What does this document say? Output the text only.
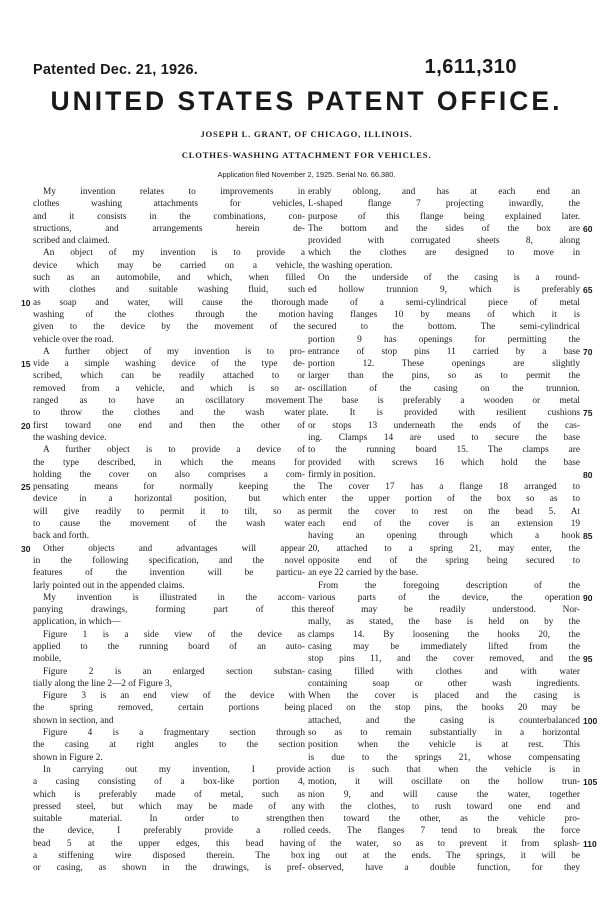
Patented Dec. 21, 1926.	1,611,310
UNITED STATES PATENT OFFICE.
JOSEPH L. GRANT, OF CHICAGO, ILLINOIS.
CLOTHES-WASHING ATTACHMENT FOR VEHICLES.
Application filed November 2, 1925. Serial No. 66,380.
My invention relates to improvements in
clothes washing attachments for vehicles,
and it consists in the combinations, con-
structions, and arrangements herein de-
scribed and claimed.
An object of my invention is to provide a
device which may be carried on a vehicle,
such as an automobile, and which, when filled
with clothes and suitable washing fluid, such
as soap and water, will cause the thorough
washing of the clothes through the motion
given to the device by the movement of the
vehicle over the road.
A further object of my invention is to pro-
vide a simple washing device of the type de-
scribed, which can be readily attached to or
removed from a vehicle, and which is so ar-
ranged as to have an oscillatory movement
to throw the clothes and the wash water
first toward one end and then the other of
the washing device.
A further object is to provide a device of
the type described, in which the means for
holding the cover on also comprises a com-
pensating means for normally keeping the
device in a horizontal position, but which
will give readily to permit it to tilt, so as
to cause the movement of the wash water
back and forth.
Other objects and advantages will appear
in the following specification, and the novel
features of the invention will be particu-
larly pointed out in the appended claims.
My invention is illustrated in the accom-
panying drawings, forming part of this
application, in which—
Figure 1 is a side view of the device as
applied to the running board of an auto-
mobile,
Figure 2 is an enlarged section substan-
tially along the line 2—2 of Figure 3,
Figure 3 is an end view of the device with
the spring removed, certain portions being
shown in section, and
Figure 4 is a fragmentary section through
the casing at right angles to the section
shown in Figure 2.
In carrying out my invention, I provide
a casing consisting of a box-like portion 4,
which is preferably made of metal, such as
pressed steel, but which may be made of any
suitable material. In order to strengthen
the device, I preferably provide a rolled
bead 5 at the upper edges, this bead having
a stiffening wire disposed therein. The box
or casing, as shown in the drawings, is pref-
erably oblong, and has at each end an
L-shaped flange 7 projecting inwardly, the
purpose of this flange being explained later.
The bottom and the sides of the box are
provided with corrugated sheets 8, along
which the clothes are designed to move in
the washing operation.
On the underside of the casing is a round-
ed hollow trunnion 9, which is preferably
made of a semi-cylindrical piece of metal
having flanges 10 by means of which it is
secured to the bottom. The semi-cylindrical
portion 9 has openings for permitting the
entrance of stop pins 11 carried by a base
portion 12. These openings are slightly
larger than the pins, so as to permit the
oscillation of the casing on the trunnion.
The base is preferably a wooden or metal
plate. It is provided with resilient cushions
or stops 13 underneath the ends of the cas-
ing. Clamps 14 are used to secure the base
to the running board 15. The clamps are
provided with screws 16 which hold the base
firmly in position.
The cover 17 has a flange 18 arranged to
enter the upper portion of the box so as to
permit the cover to rest on the bead 5. At
each end of the cover is an extension 19
having an opening through which a hook
20, attached to a spring 21, may enter, the
opposite end of the spring being secured to
an eye 22 carried by the base.
From the foregoing description of the
various parts of the device, the operation
thereof may be readily understood. Nor-
mally, as stated, the base is held on by the
clamps 14. By loosening the hooks 20, the
casing may be immediately lifted from the
stop pins 11, and the cover removed, and the
casing filled with clothes and with water
containing soap or other wash ingredients.
When the cover is placed and the casing is
placed on the stop pins, the hooks 20 may be
attached, and the casing is counterbalanced
so as to remain substantially in a horizontal
position when the vehicle is at rest. This
is due to the springs 21, whose compensating
action is such that when the vehicle is in
motion, it will oscillate on the hollow trun-
nion 9, and will cause the water, together
with the clothes, to rush toward one end and
then toward the other, as the vehicle pro-
ceeds. The flanges 7 tend to break the force
of the water, so as to prevent it from splash-
ing out at the ends. The springs, it will be
observed, have a double function, for they
10
15
20
25
30
60
65
70
75
80
85
90
95
100
105
110
